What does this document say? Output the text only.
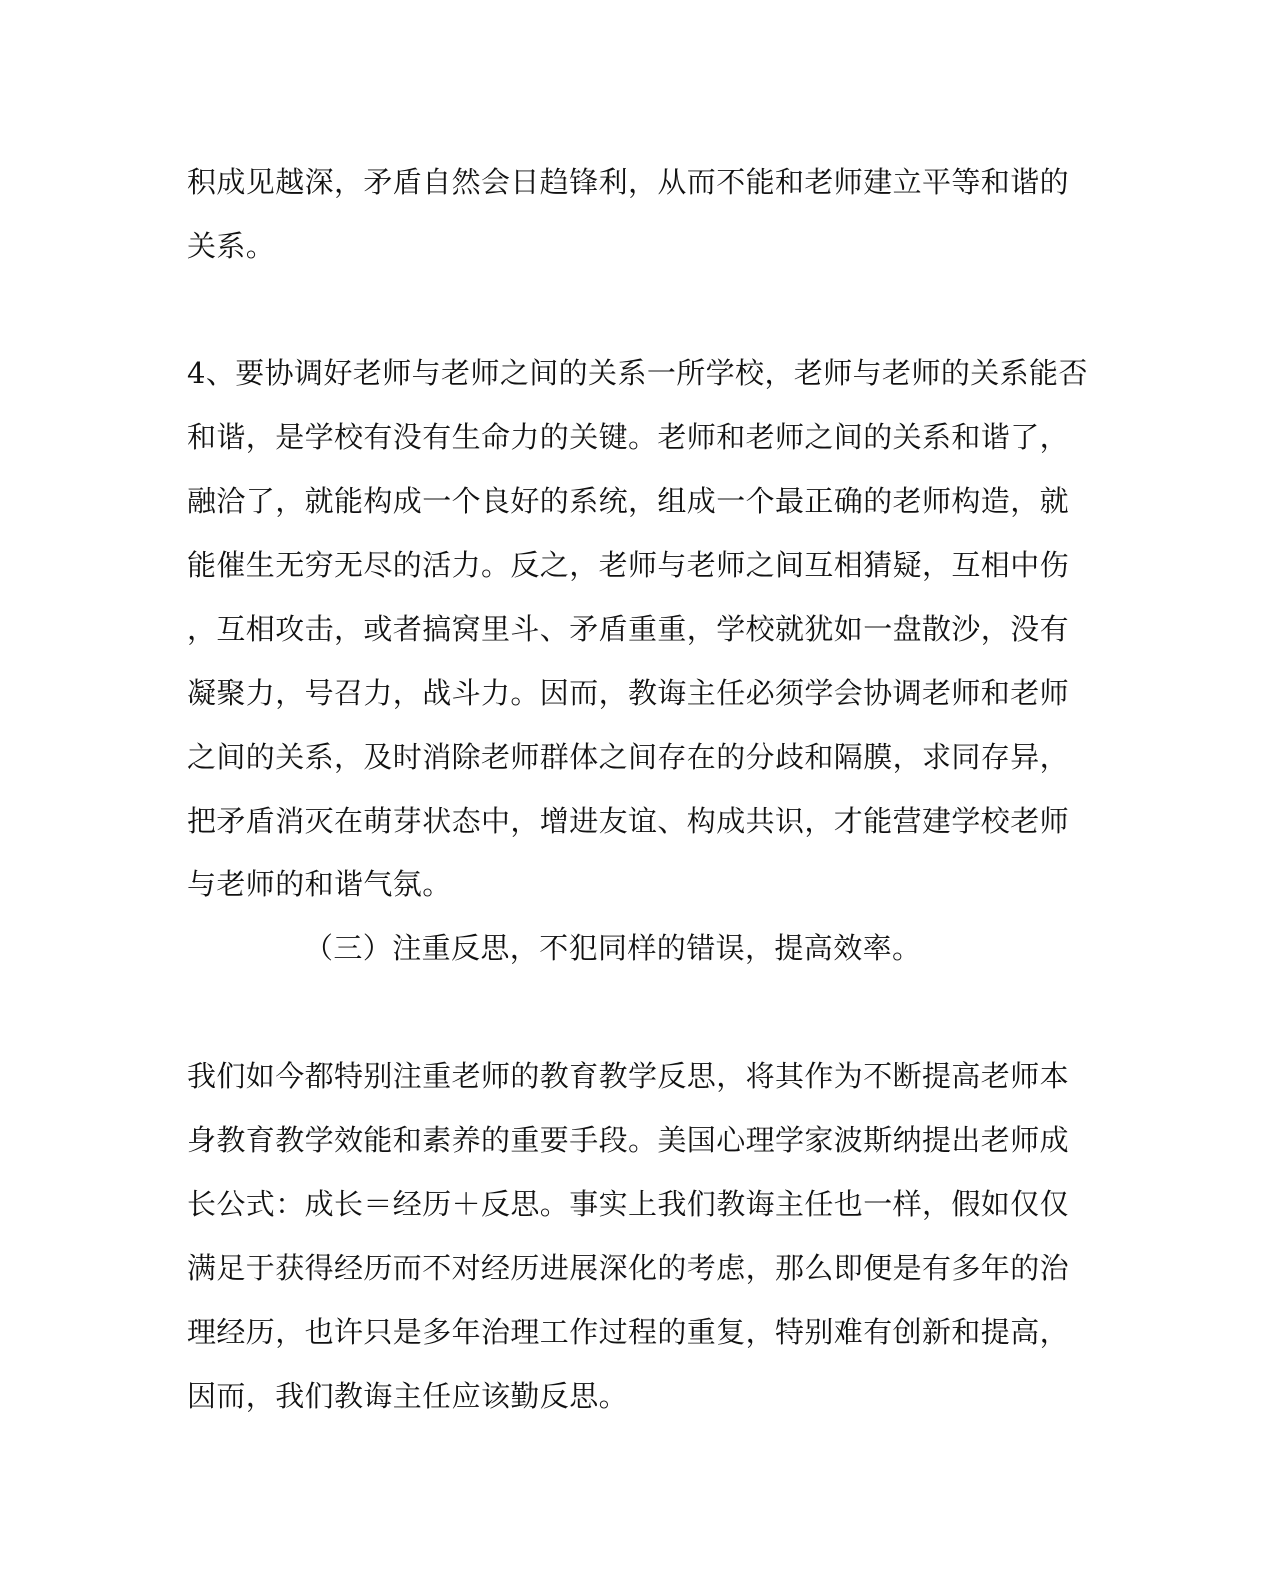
积成见越深，矛盾自然会日趋锋利，从而不能和老师建立平等和谐的
关系。
4、要协调好老师与老师之间的关系一所学校，老师与老师的关系能否
和谐，是学校有没有生命力的关键。老师和老师之间的关系和谐了，
融洽了，就能构成一个良好的系统，组成一个最正确的老师构造，就
能催生无穷无尽的活力。反之，老师与老师之间互相猜疑，互相中伤
，互相攻击，或者搞窝里斗、矛盾重重，学校就犹如一盘散沙，没有
凝聚力，号召力，战斗力。因而，教诲主任必须学会协调老师和老师
之间的关系，及时消除老师群体之间存在的分歧和隔膜，求同存异，
把矛盾消灭在萌芽状态中，增进友谊、构成共识，才能营建学校老师
与老师的和谐气氛。
（三）注重反思，不犯同样的错误，提高效率。
我们如今都特别注重老师的教育教学反思，将其作为不断提高老师本
身教育教学效能和素养的重要手段。美国心理学家波斯纳提出老师成
长公式：成长＝经历＋反思。事实上我们教诲主任也一样，假如仅仅
满足于获得经历而不对经历进展深化的考虑，那么即便是有多年的治
理经历，也许只是多年治理工作过程的重复，特别难有创新和提高，
因而，我们教诲主任应该勤反思。
